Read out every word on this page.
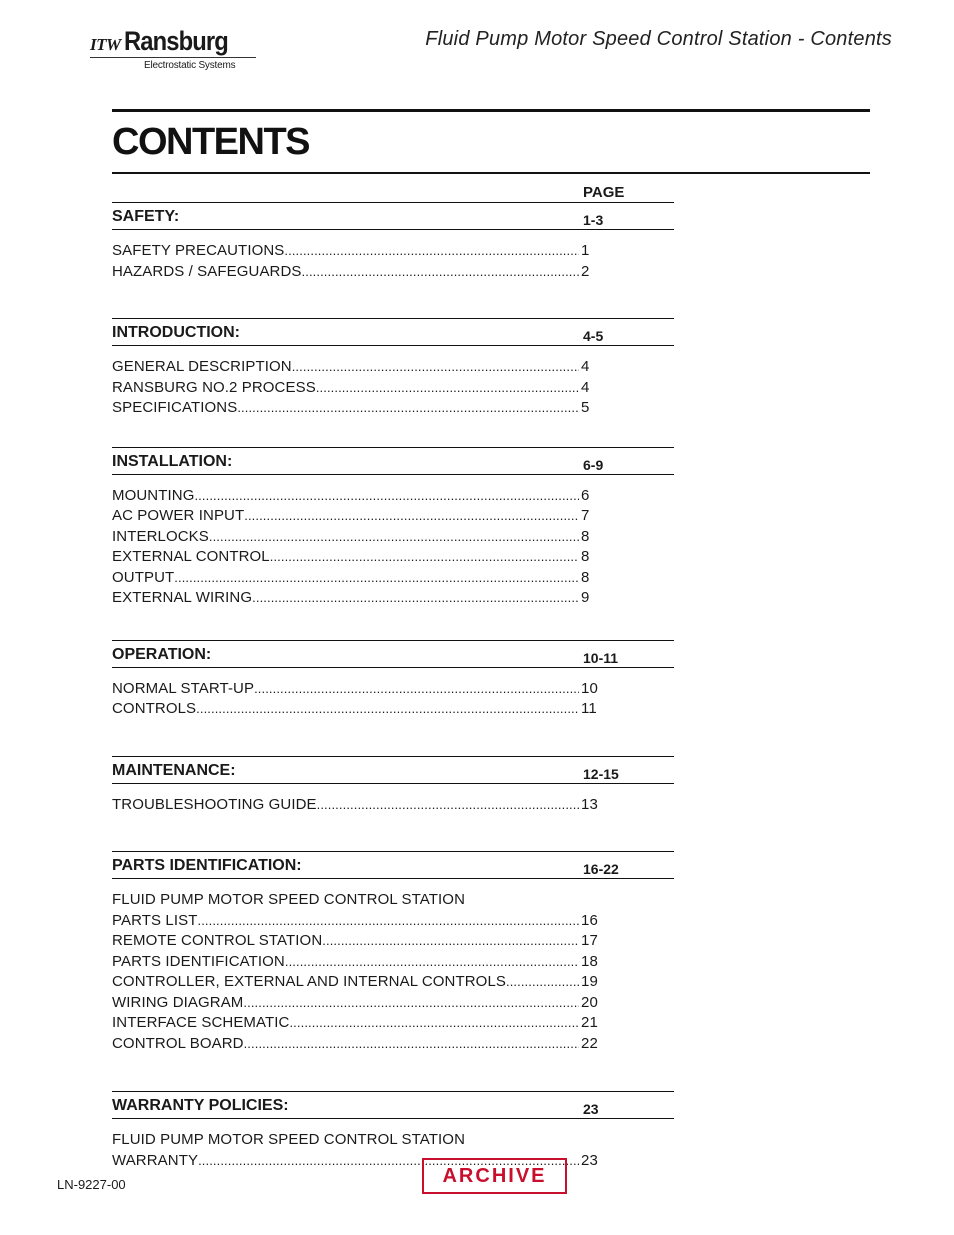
ITW Ransburg
Electrostatic Systems
Fluid Pump Motor Speed Control Station - Contents
CONTENTS
PAGE
SAFETY:	1-3
SAFETY PRECAUTIONS .....	1
HAZARDS / SAFEGUARDS .....	2
INTRODUCTION:	4-5
GENERAL DESCRIPTION .....	4
RANSBURG NO.2 PROCESS .....	4
SPECIFICATIONS .....	5
INSTALLATION:	6-9
MOUNTING .....	6
AC POWER INPUT .....	7
INTERLOCKS .....	8
EXTERNAL CONTROL .....	8
OUTPUT .....	8
EXTERNAL WIRING .....	9
OPERATION:	10-11
NORMAL START-UP .....	10
CONTROLS .....	11
MAINTENANCE:	12-15
TROUBLESHOOTING GUIDE .....	13
PARTS IDENTIFICATION:	16-22
FLUID PUMP MOTOR SPEED CONTROL STATION
PARTS LIST .....	16
REMOTE CONTROL STATION .....	17
PARTS IDENTIFICATION .....	18
CONTROLLER, EXTERNAL AND INTERNAL CONTROLS .....	19
WIRING DIAGRAM .....	20
INTERFACE SCHEMATIC .....	21
CONTROL BOARD .....	22
WARRANTY POLICIES:	23
FLUID PUMP MOTOR SPEED CONTROL STATION
WARRANTY .....	23
LN-9227-00	ARCHIVE
